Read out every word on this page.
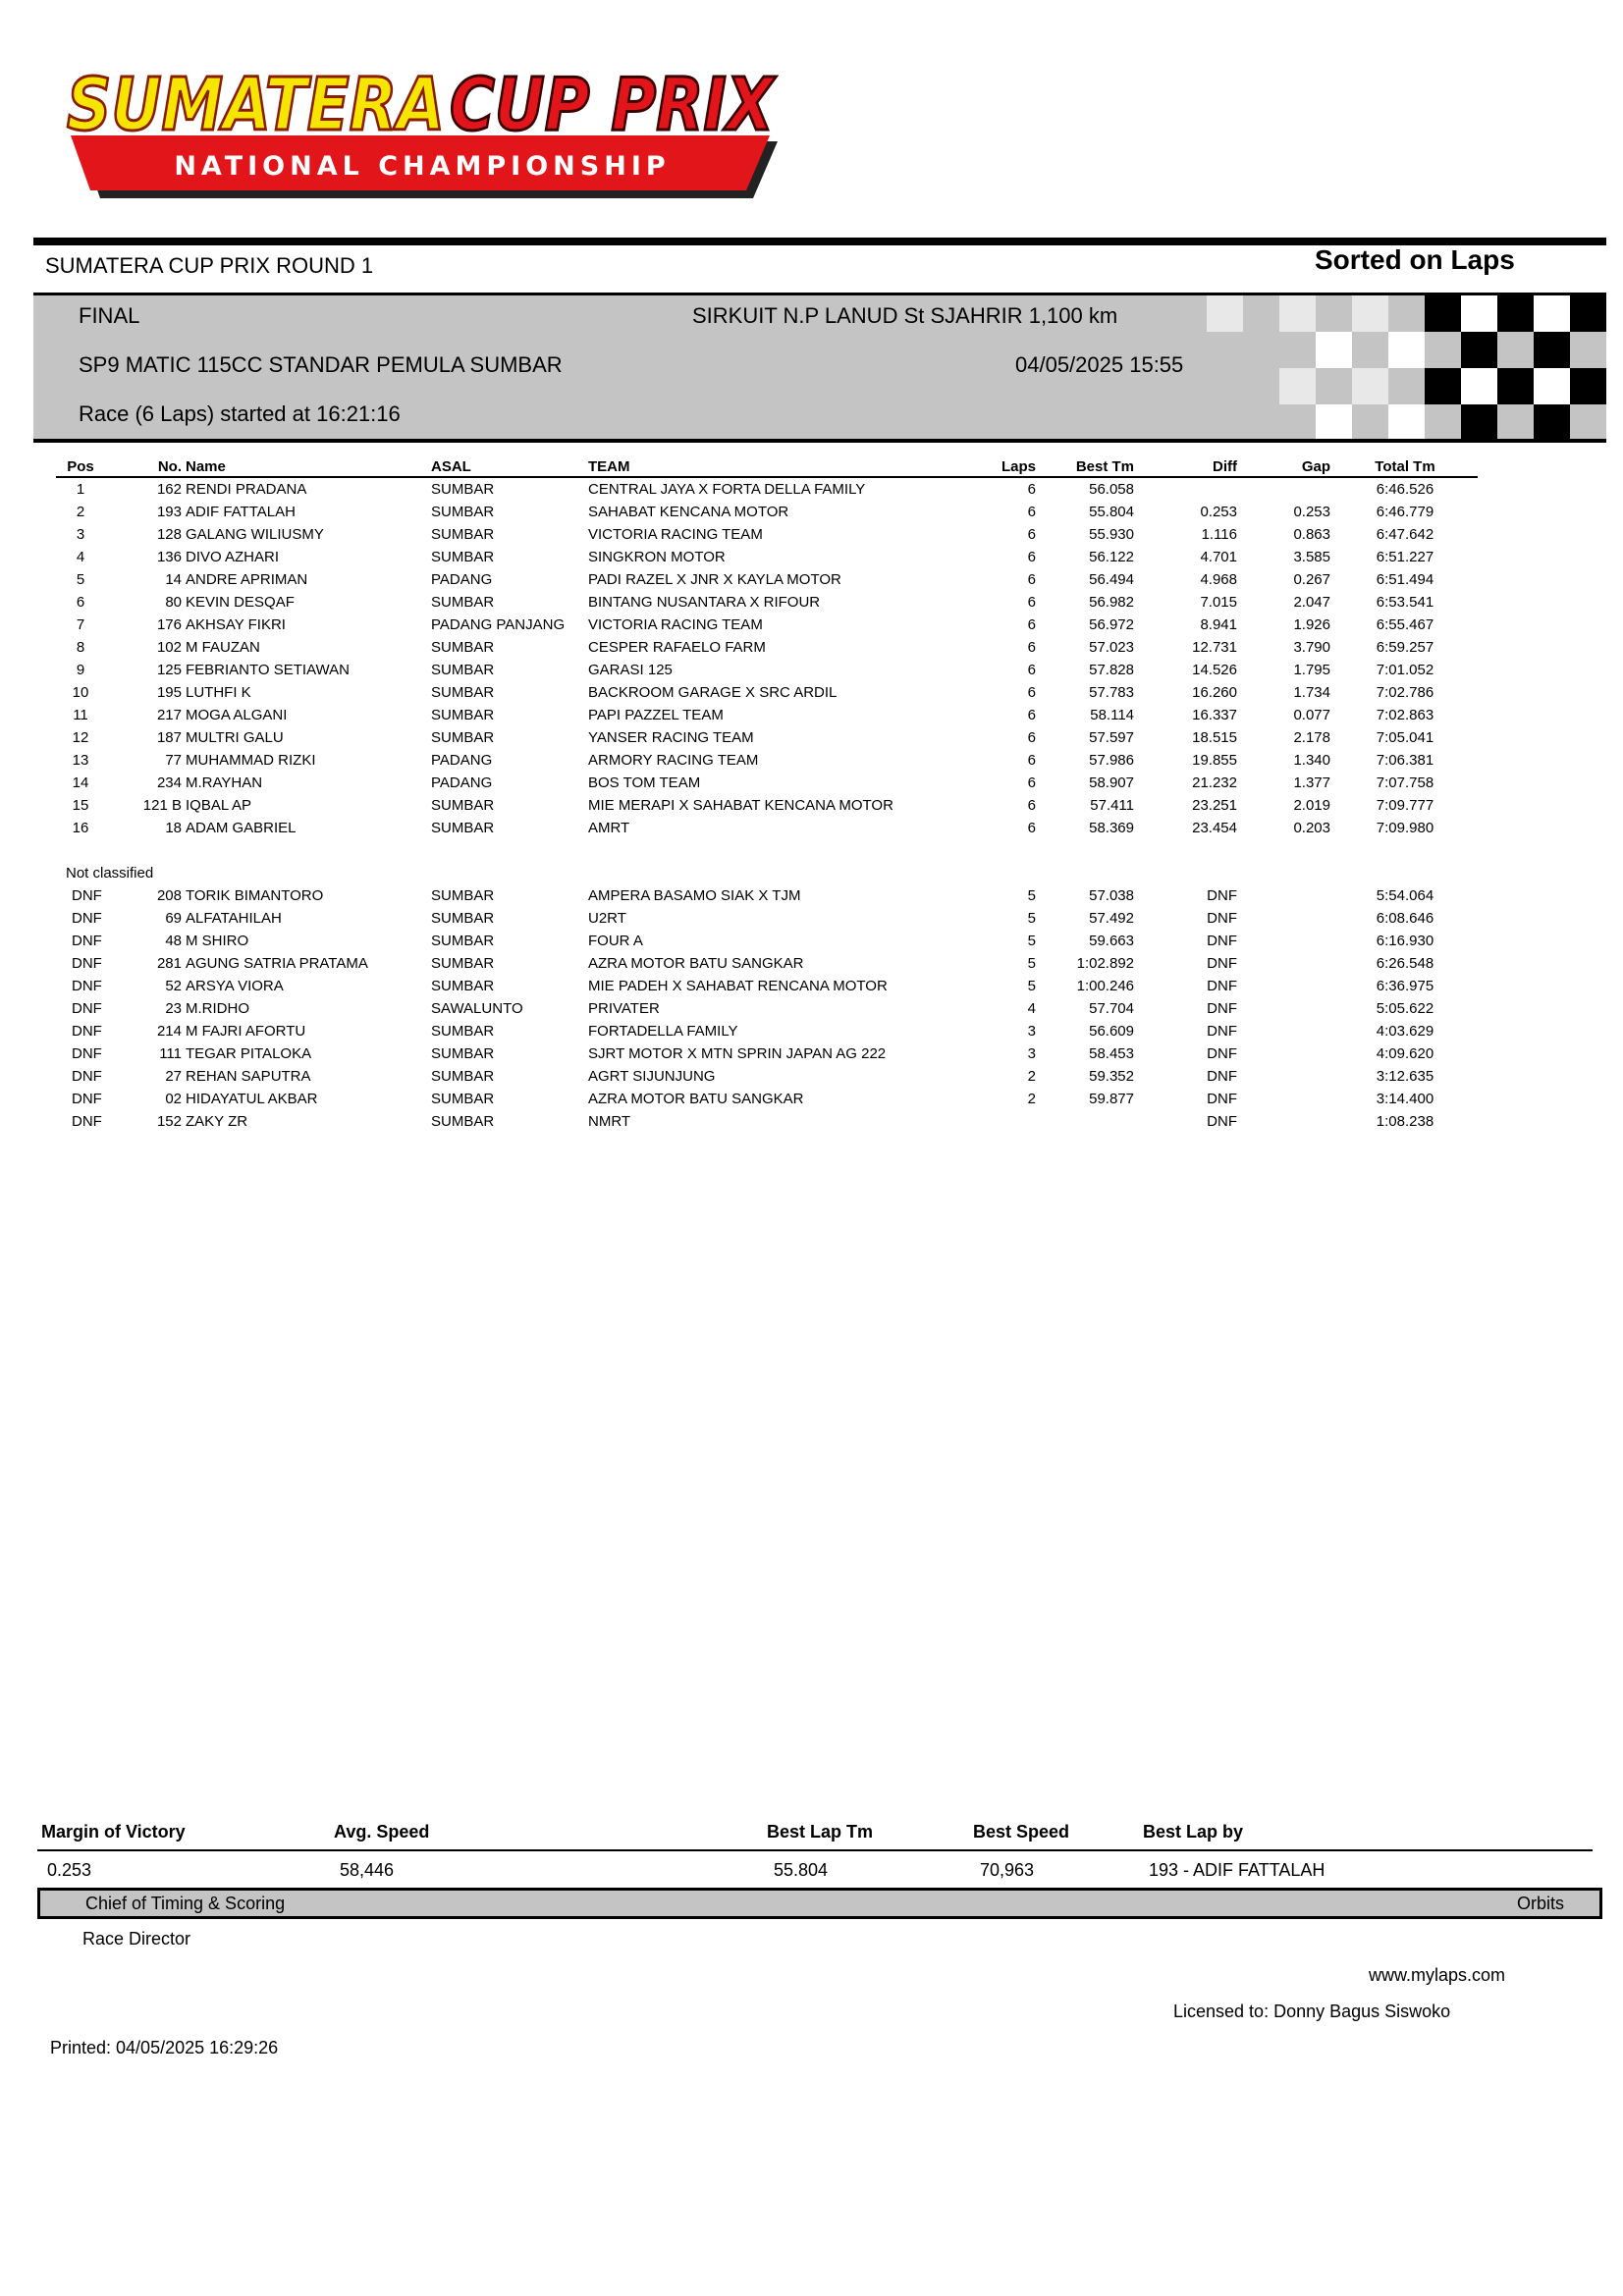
SUMATERA CUP PRIX
NATIONAL CHAMPIONSHIP
SUMATERA CUP PRIX ROUND 1	Sorted on Laps
FINAL	SIRKUIT N.P LANUD St SJAHRIR 1,100 km
SP9 MATIC 115CC STANDAR PEMULA SUMBAR	04/05/2025 15:55
Race (6 Laps) started at 16:21:16
Pos	No.	Name	ASAL	TEAM	Laps	Best Tm	Diff	Gap	Total Tm
1	162	RENDI PRADANA	SUMBAR	CENTRAL JAYA X FORTA DELLA FAMILY	6	56.058			6:46.526
2	193	ADIF FATTALAH	SUMBAR	SAHABAT KENCANA MOTOR	6	55.804	0.253	0.253	6:46.779
3	128	GALANG WILIUSMY	SUMBAR	VICTORIA RACING TEAM	6	55.930	1.116	0.863	6:47.642
4	136	DIVO AZHARI	SUMBAR	SINGKRON MOTOR	6	56.122	4.701	3.585	6:51.227
5	14	ANDRE APRIMAN	PADANG	PADI RAZEL X JNR X KAYLA MOTOR	6	56.494	4.968	0.267	6:51.494
6	80	KEVIN DESQAF	SUMBAR	BINTANG NUSANTARA X RIFOUR	6	56.982	7.015	2.047	6:53.541
7	176	AKHSAY FIKRI	PADANG PANJANG	VICTORIA RACING TEAM	6	56.972	8.941	1.926	6:55.467
8	102	M FAUZAN	SUMBAR	CESPER RAFAELO FARM	6	57.023	12.731	3.790	6:59.257
9	125	FEBRIANTO SETIAWAN	SUMBAR	GARASI 125	6	57.828	14.526	1.795	7:01.052
10	195	LUTHFI K	SUMBAR	BACKROOM GARAGE X SRC ARDIL	6	57.783	16.260	1.734	7:02.786
11	217	MOGA ALGANI	SUMBAR	PAPI PAZZEL TEAM	6	58.114	16.337	0.077	7:02.863
12	187	MULTRI GALU	SUMBAR	YANSER RACING TEAM	6	57.597	18.515	2.178	7:05.041
13	77	MUHAMMAD RIZKI	PADANG	ARMORY RACING TEAM	6	57.986	19.855	1.340	7:06.381
14	234	M.RAYHAN	PADANG	BOS TOM TEAM	6	58.907	21.232	1.377	7:07.758
15	121 B	IQBAL AP	SUMBAR	MIE MERAPI X SAHABAT KENCANA MOTOR	6	57.411	23.251	2.019	7:09.777
16	18	ADAM GABRIEL	SUMBAR	AMRT	6	58.369	23.454	0.203	7:09.980

Not classified									
DNF	208	TORIK BIMANTORO	SUMBAR	AMPERA BASAMO SIAK X TJM	5	57.038	DNF		5:54.064
DNF	69	ALFATAHILAH	SUMBAR	U2RT	5	57.492	DNF		6:08.646
DNF	48	M SHIRO	SUMBAR	FOUR A	5	59.663	DNF		6:16.930
DNF	281	AGUNG SATRIA PRATAMA	SUMBAR	AZRA MOTOR BATU SANGKAR	5	1:02.892	DNF		6:26.548
DNF	52	ARSYA VIORA	SUMBAR	MIE PADEH X SAHABAT RENCANA MOTOR	5	1:00.246	DNF		6:36.975
DNF	23	M.RIDHO	SAWALUNTO	PRIVATER	4	57.704	DNF		5:05.622
DNF	214	M FAJRI AFORTU	SUMBAR	FORTADELLA FAMILY	3	56.609	DNF		4:03.629
DNF	111	TEGAR PITALOKA	SUMBAR	SJRT MOTOR X MTN SPRIN JAPAN AG 222	3	58.453	DNF		4:09.620
DNF	27	REHAN SAPUTRA	SUMBAR	AGRT SIJUNJUNG	2	59.352	DNF		3:12.635
DNF	02	HIDAYATUL AKBAR	SUMBAR	AZRA MOTOR BATU SANGKAR	2	59.877	DNF		3:14.400
DNF	152	ZAKY ZR	SUMBAR	NMRT			DNF		1:08.238
Margin of Victory	Avg. Speed	Best Lap Tm	Best Speed	Best Lap by
0.253	58,446	55.804	70,963	193 - ADIF FATTALAH
Chief of Timing & Scoring	Orbits
Race Director
www.mylaps.com
Licensed to: Donny Bagus Siswoko
Printed: 04/05/2025 16:29:26
